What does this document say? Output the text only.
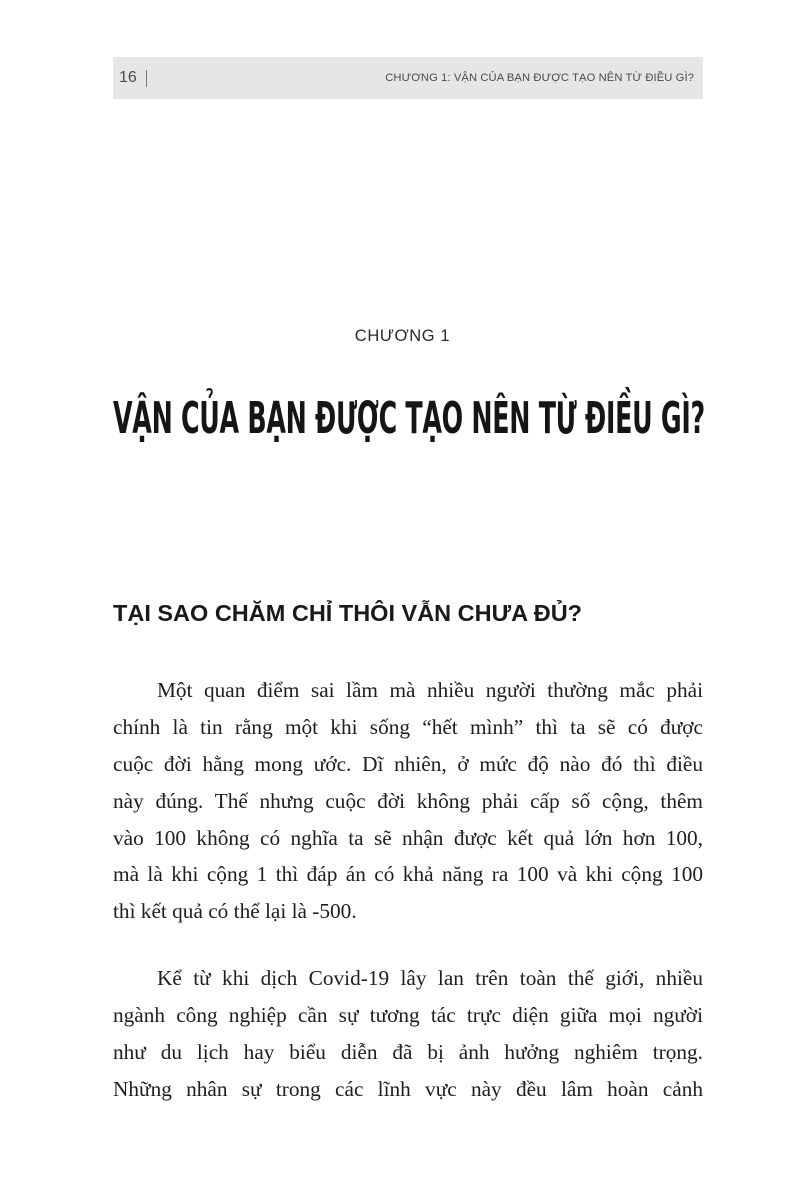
16	CHƯƠNG 1: VẬN CỦA BẠN ĐƯỢC TẠO NÊN TỪ ĐIỀU GÌ?
CHƯƠNG 1
VẬN CỦA BẠN ĐƯỢC TẠO NÊN TỪ ĐIỀU GÌ?
TẠI SAO CHĂM CHỈ THÔI VẪN CHƯA ĐỦ?
Một quan điểm sai lầm mà nhiều người thường mắc phải
chính là tin rằng một khi sống “hết mình” thì ta sẽ có được
cuộc đời hằng mong ước. Dĩ nhiên, ở mức độ nào đó thì điều
này đúng. Thế nhưng cuộc đời không phải cấp số cộng, thêm
vào 100 không có nghĩa ta sẽ nhận được kết quả lớn hơn 100,
mà là khi cộng 1 thì đáp án có khả năng ra 100 và khi cộng 100
thì kết quả có thể lại là -500.
Kể từ khi dịch Covid-19 lây lan trên toàn thế giới, nhiều
ngành công nghiệp cần sự tương tác trực diện giữa mọi người
như du lịch hay biểu diễn đã bị ảnh hưởng nghiêm trọng.
Những nhân sự trong các lĩnh vực này đều lâm hoàn cảnh
